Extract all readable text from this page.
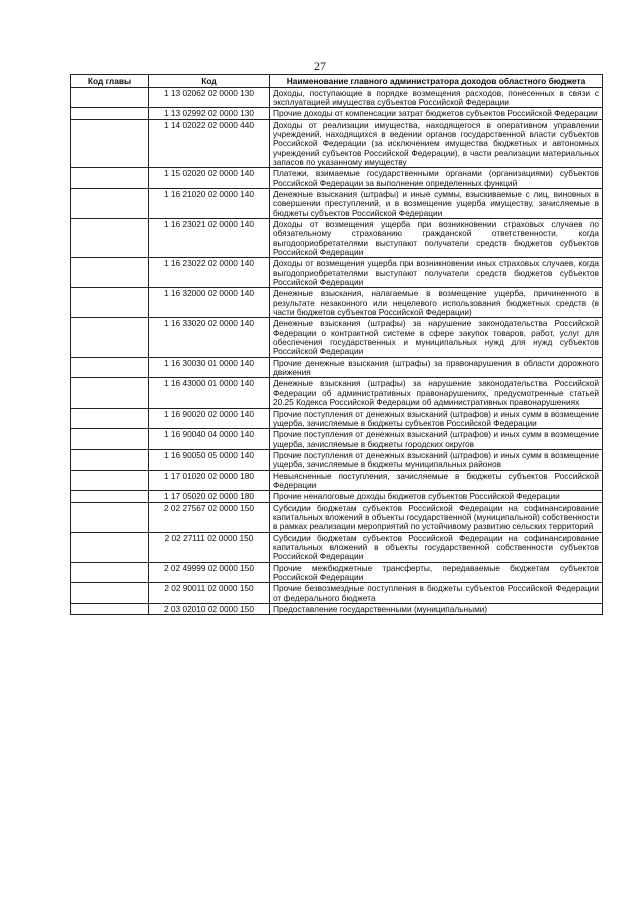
27
Код главы	Код	Наименование главного администратора доходов областного бюджета
	1 13 02062 02 0000 130	Доходы, поступающие в порядке возмещения расходов, понесенных в связи с эксплуатацией имущества субъектов Российской Федерации
	1 13 02992 02 0000 130	Прочие доходы от компенсации затрат бюджетов субъектов Российской Федерации
	1 14 02022 02 0000 440	Доходы от реализации имущества, находящегося в оперативном управлении учреждений, находящихся в ведении органов государственной власти субъектов Российской Федерации (за исключением имущества бюджетных и автономных учреждений субъектов Российской Федерации), в части реализации материальных запасов по указанному имуществу
	1 15 02020 02 0000 140	Платежи, взимаемые государственными органами (организациями) субъектов Российской Федерации за выполнение определенных функций
	1 16 21020 02 0000 140	Денежные взыскания (штрафы) и иные суммы, взыскиваемые с лиц, виновных в совершении преступлений, и в возмещение ущерба имуществу, зачисляемые в бюджеты субъектов Российской Федерации
	1 16 23021 02 0000 140	Доходы от возмещения ущерба при возникновении страховых случаев по обязательному страхованию гражданской ответственности, когда выгодоприобретателями выступают получатели средств бюджетов субъектов Российской Федерации
	1 16 23022 02 0000 140	Доходы от возмещения ущерба при возникновении иных страховых случаев, когда выгодоприобретателями выступают получатели средств бюджетов субъектов Российской Федерации
	1 16 32000 02 0000 140	Денежные взыскания, налагаемые в возмещение ущерба, причиненного в результате незаконного или нецелевого использования бюджетных средств (в части бюджетов субъектов Российской Федерации)
	1 16 33020 02 0000 140	Денежные взыскания (штрафы) за нарушение законодательства Российской Федерации о контрактной системе в сфере закупок товаров, работ, услуг для обеспечения государственных и муниципальных нужд для нужд субъектов Российской Федерации
	1 16 30030 01 0000 140	Прочие денежные взыскания (штрафы) за правонарушения в области дорожного движения
	1 16 43000 01 0000 140	Денежные взыскания (штрафы) за нарушение законодательства Российской Федерации об административных правонарушениях, предусмотренные статьей 20.25 Кодекса Российской Федерации об административных правонарушениях
	1 16 90020 02 0000 140	Прочие поступления от денежных взысканий (штрафов) и иных сумм в возмещение ущерба, зачисляемые в бюджеты субъектов Российской Федерации
	1 16 90040 04 0000 140	Прочие поступления от денежных взысканий (штрафов) и иных сумм в возмещение ущерба, зачисляемые в бюджеты городских округов
	1 16 90050 05 0000 140	Прочие поступления от денежных взысканий (штрафов) и иных сумм в возмещение ущерба, зачисляемые в бюджеты муниципальных районов
	1 17 01020 02 0000 180	Невыясненные поступления, зачисляемые в бюджеты субъектов Российской Федерации
	1 17 05020 02 0000 180	Прочие неналоговые доходы бюджетов субъектов Российской Федерации
	2 02 27567 02 0000 150	Субсидии бюджетам субъектов Российской Федерации на софинансирование капитальных вложений в объекты государственной (муниципальной) собственности в рамках реализации мероприятий по устойчивому развитию сельских территорий
	2 02 27111 02 0000 150	Субсидии бюджетам субъектов Российской Федерации на софинансирование капитальных вложений в объекты государственной собственности субъектов Российской Федерации
	2 02 49999 02 0000 150	Прочие межбюджетные трансферты, передаваемые бюджетам субъектов Российской Федерации
	2 02 90011 02 0000 150	Прочие безвозмездные поступления в бюджеты субъектов Российской Федерации от федерального бюджета
	2 03 02010 02 0000 150	Предоставление государственными (муниципальными)
